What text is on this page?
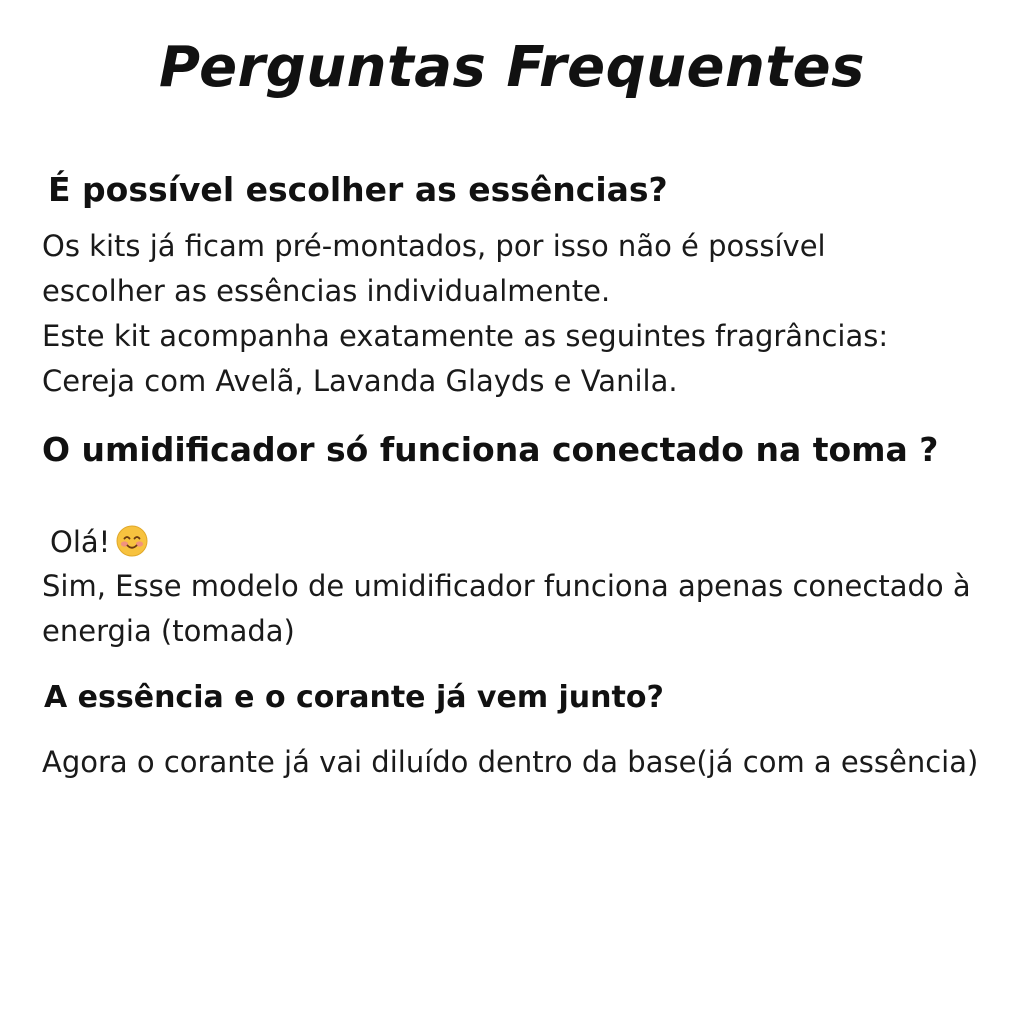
Perguntas Frequentes
É possível escolher as essências?
Os kits já ficam pré-montados, por isso não é possível
escolher as essências individualmente.
Este kit acompanha exatamente as seguintes fragrâncias:
Cereja com Avelã, Lavanda Glayds e Vanila.
O umidificador só funciona conectado na toma ?
Olá!
Sim, Esse modelo de umidificador funciona apenas conectado à
energia (tomada)
A essência e o corante já vem junto?
Agora o corante já vai diluído dentro da base(já com a essência)
